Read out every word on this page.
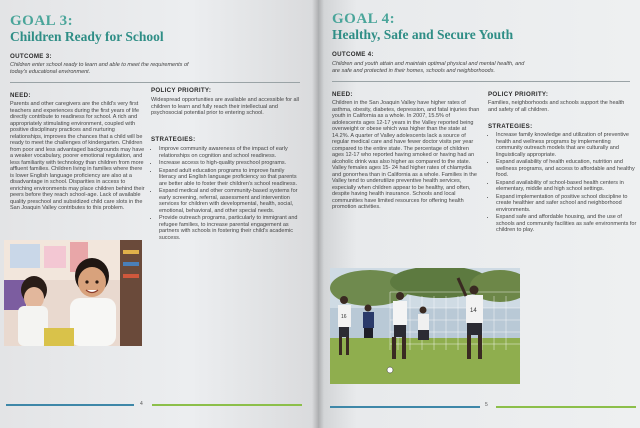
GOAL 3:
Children Ready for School
OUTCOME 3:
Children enter school ready to learn and able to meet the requirements of today's educational environment.
NEED:
Parents and other caregivers are the child's very first teachers and experiences during the first years of life directly contribute to readiness for school. A rich and appropriately stimulating environment, coupled with positive disciplinary practices and nurturing relationships, improves the chances that a child will be ready to meet the challenges of kindergarten. Children from poor and less advantaged backgrounds may have a weaker vocabulary, poorer emotional regulation, and less familiarity with technology than children from more affluent families. Children living in families where there is lower English language proficiency are also at a disadvantage in school. Disparities in access to enriching environments may place children behind their peers before they reach school-age. Lack of available quality preschool and subsidized child care slots in the San Joaquin Valley contributes to this problem.
POLICY PRIORITY:
Widespread opportunities are available and accessible for all children to learn and fully reach their intellectual and psychosocial potential prior to entering school.
STRATEGIES:
• Improve community awareness of the impact of early relationships on cognition and school readiness.
• Increase access to high-quality preschool programs.
• Expand adult education programs to improve family literacy and English language proficiency so that parents are better able to foster their children's school readiness.
• Expand medical and other community-based systems for early screening, referral, assessment and intervention services for children with developmental, health, social, emotional, behavioral, and other special needs.
• Provide outreach programs, particularly to immigrant and refugee families, to increase parental engagement as partners with schools in fostering their child's academic success.
4
GOAL 4:
Healthy, Safe and Secure Youth
OUTCOME 4:
Children and youth attain and maintain optimal physical and mental health, and are safe and protected in their homes, schools and neighborhoods.
NEED:
Children in the San Joaquin Valley have higher rates of asthma, obesity, diabetes, depression, and fatal injuries than youth in California as a whole. In 2007, 15.5% of adolescents ages 12-17 years in the Valley reported being overweight or obese which was higher than the state at 14.2%. A quarter of Valley adolescents lack a source of regular medical care and have fewer doctor visits per year compared to the entire state. The percentage of children ages 12-17 who reported having smoked or having had an alcoholic drink was also higher as compared to the state. Valley females ages 15- 24 had higher rates of chlamydia and gonorrhea than in California as a whole. Families in the Valley tend to underutilize preventive health services, especially when children appear to be healthy, and often, despite having health insurance. Schools and local communities have limited resources for offering health promotion activities.
POLICY PRIORITY:
Families, neighborhoods and schools support the health and safety of all children.
STRATEGIES:
• Increase family knowledge and utilization of preventive health and wellness programs by implementing community outreach models that are culturally and linguistically appropriate.
• Expand availability of health education, nutrition and wellness programs, and access to affordable and healthy food.
• Expand availability of school-based health centers in elementary, middle and high school settings.
• Expand implementation of positive school discipline to create healthier and safer school and neighborhood environments.
• Expand safe and affordable housing, and the use of schools and community facilities as safe environments for children to play.
16
14
5
